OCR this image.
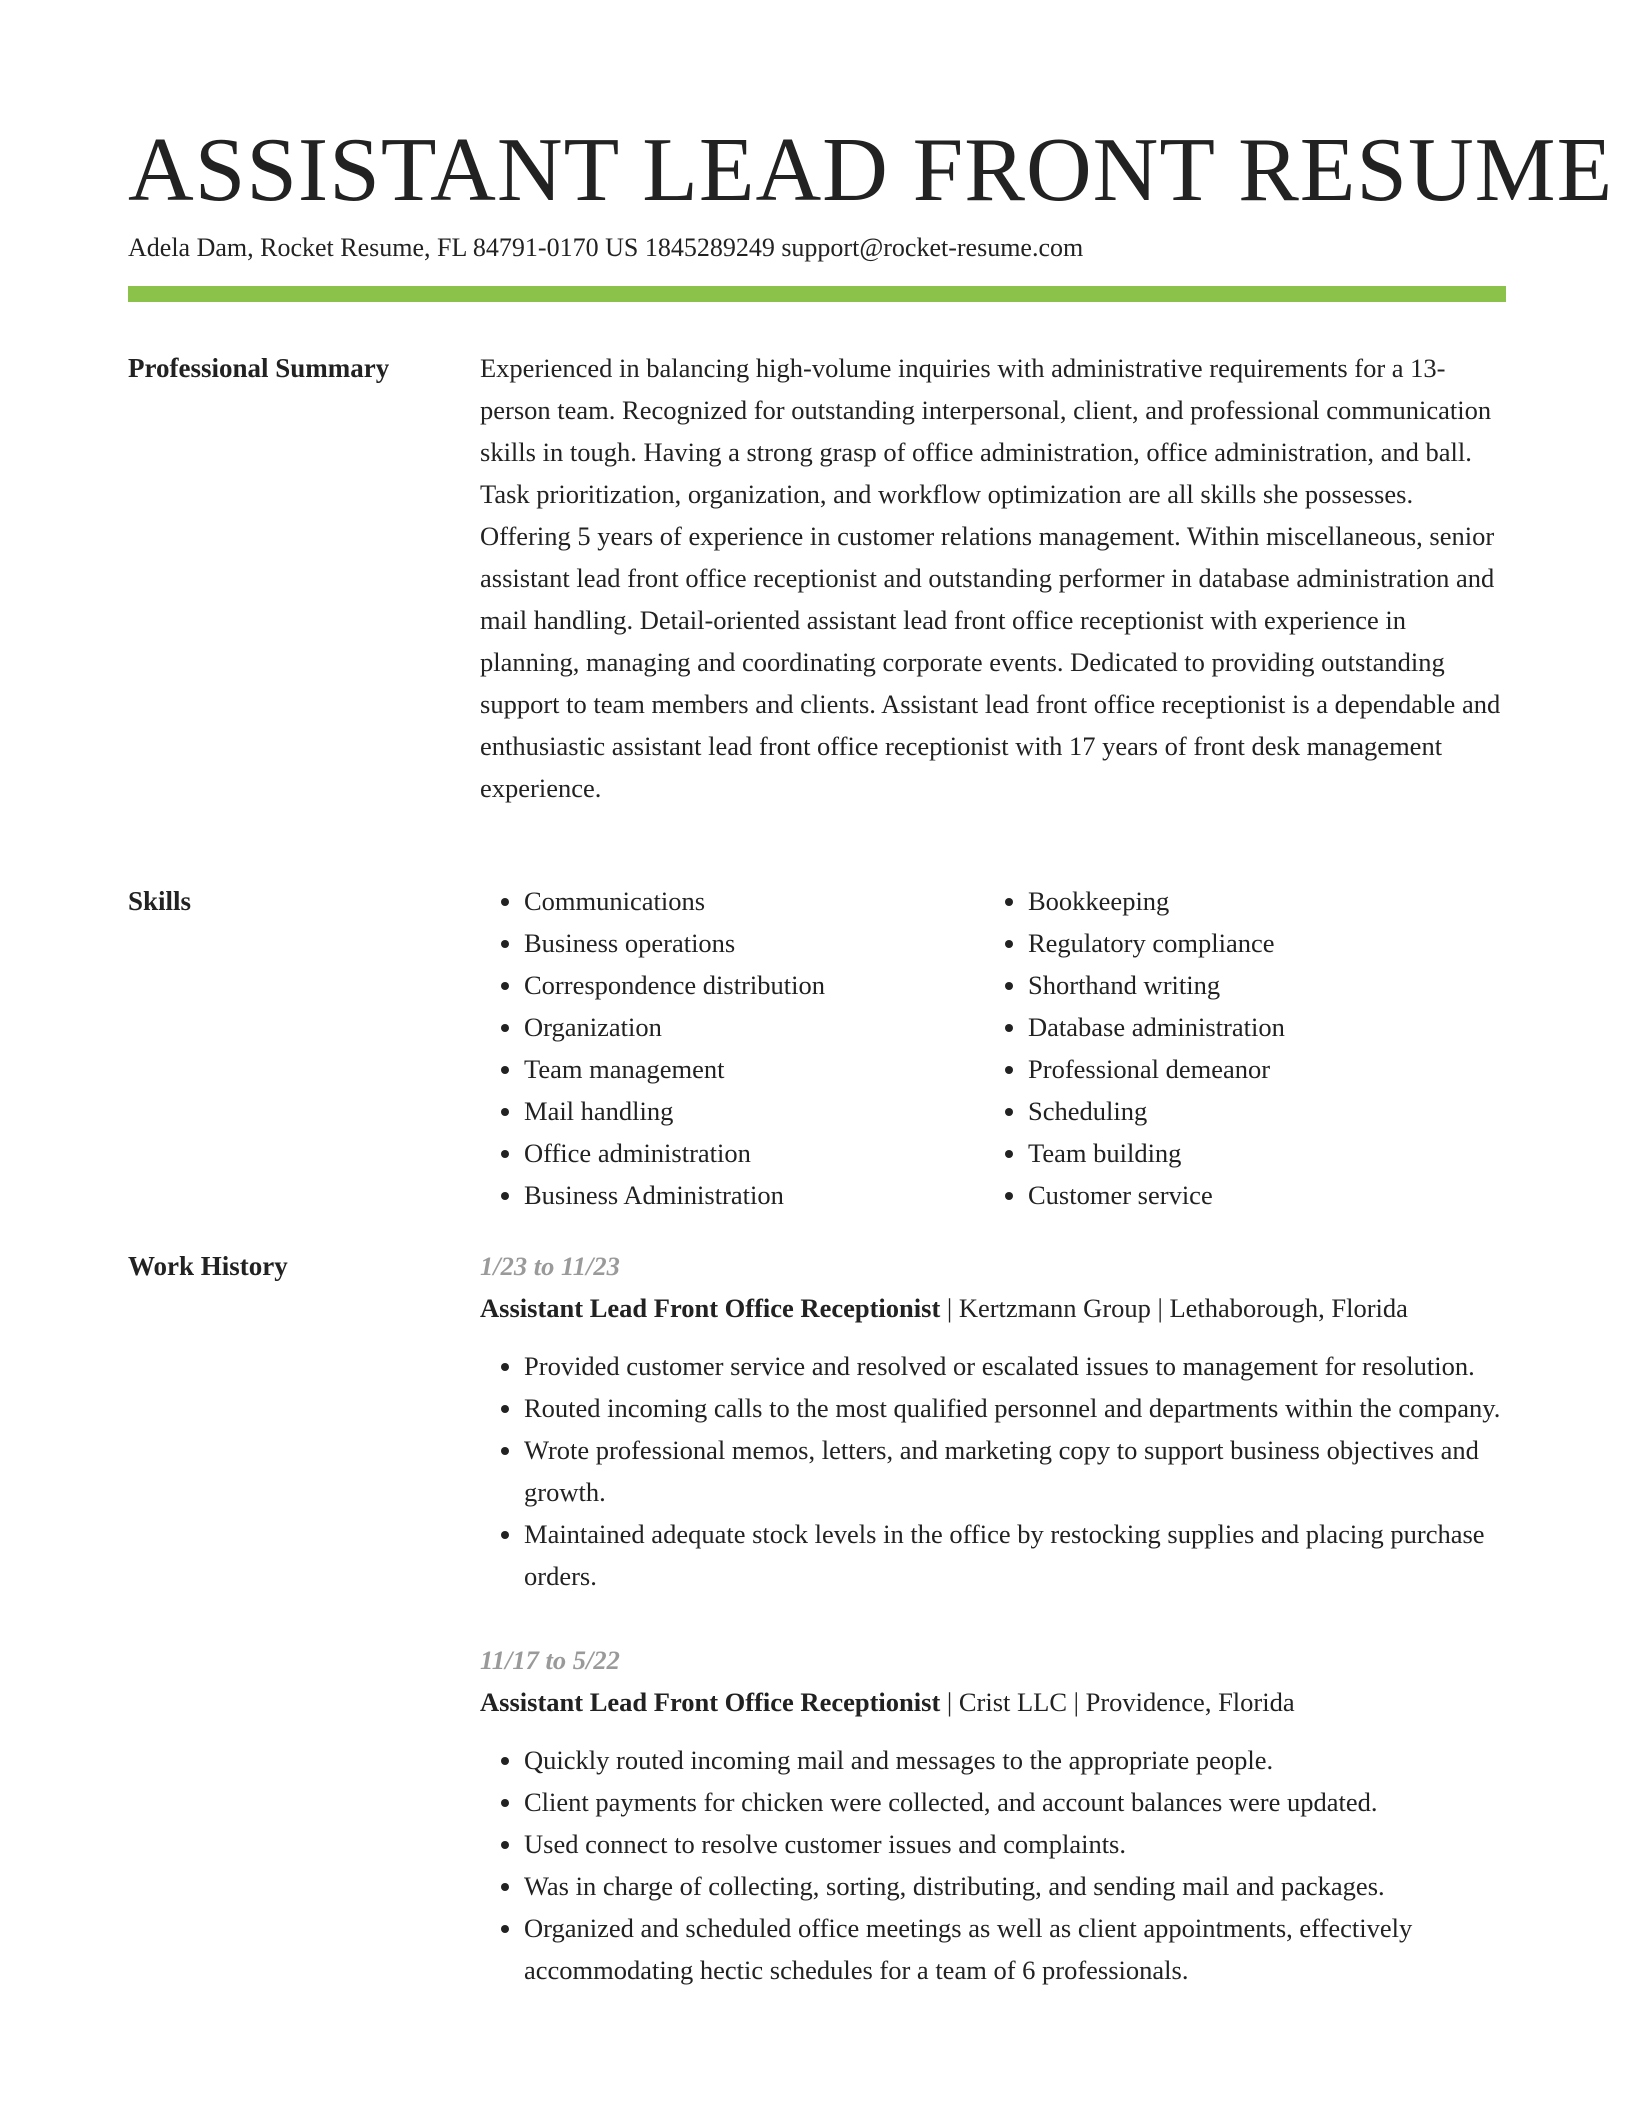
ASSISTANT LEAD FRONT RESUME
Adela Dam, Rocket Resume, FL 84791-0170 US 1845289249 support@rocket-resume.com
Professional Summary	Experienced in balancing high-volume inquiries with administrative requirements for a 13-person team. Recognized for outstanding interpersonal, client, and professional communication skills in tough. Having a strong grasp of office administration, office administration, and ball. Task prioritization, organization, and workflow optimization are all skills she possesses. Offering 5 years of experience in customer relations management. Within miscellaneous, senior assistant lead front office receptionist and outstanding performer in database administration and mail handling. Detail-oriented assistant lead front office receptionist with experience in planning, managing and coordinating corporate events. Dedicated to providing outstanding support to team members and clients. Assistant lead front office receptionist is a dependable and enthusiastic assistant lead front office receptionist with 17 years of front desk management experience.

Skills
•	Communications
• Business operations
• Correspondence distribution
• Organization
• Team management
• Mail handling
• Office administration
• Business Administration
• Bookkeeping
• Regulatory compliance
• Shorthand writing
• Database administration
• Professional demeanor
• Scheduling
• Team building
• Customer service
Work History	1/23 to 11/23
Assistant Lead Front Office Receptionist | Kertzmann Group | Lethaborough, Florida
• Provided customer service and resolved or escalated issues to management for resolution.
• Routed incoming calls to the most qualified personnel and departments within the company.
• Wrote professional memos, letters, and marketing copy to support business objectives and growth.
• Maintained adequate stock levels in the office by restocking supplies and placing purchase orders.
11/17 to 5/22
Assistant Lead Front Office Receptionist | Crist LLC | Providence, Florida
• Quickly routed incoming mail and messages to the appropriate people.
• Client payments for chicken were collected, and account balances were updated.
• Used connect to resolve customer issues and complaints.
• Was in charge of collecting, sorting, distributing, and sending mail and packages.
• Organized and scheduled office meetings as well as client appointments, effectively accommodating hectic schedules for a team of 6 professionals.
